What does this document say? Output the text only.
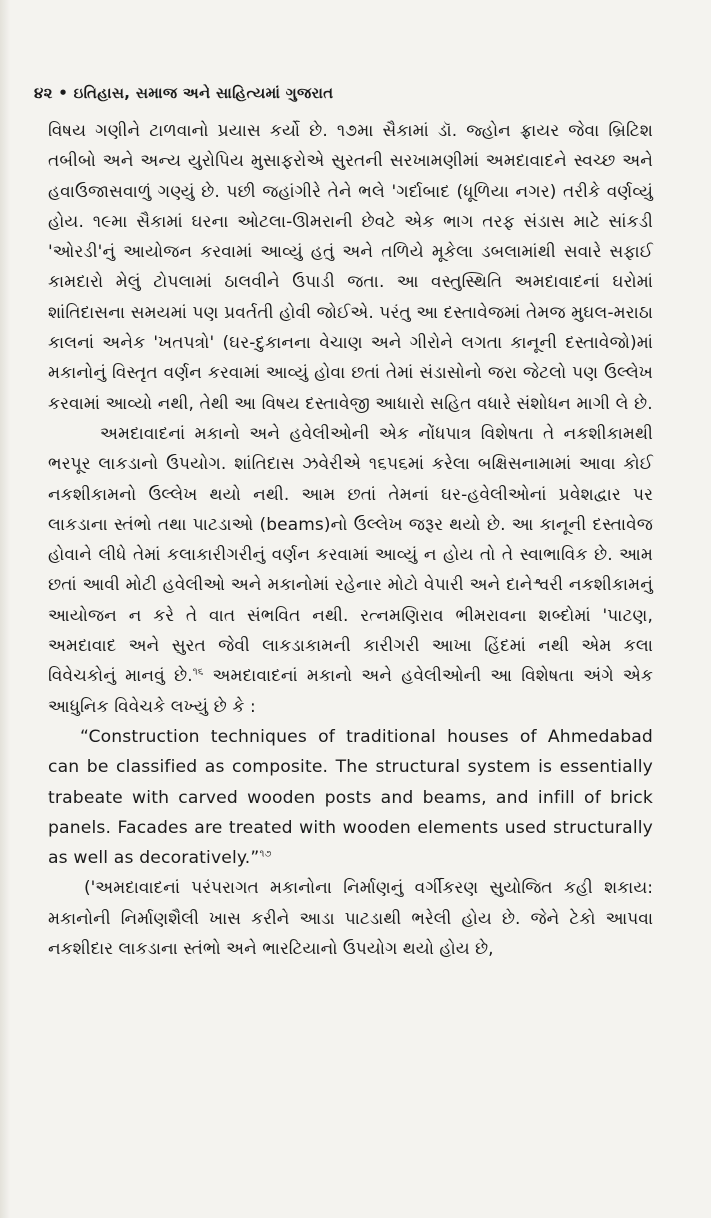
૪૨ • ઇતિહાસ, સમાજ અને સાહિત્યમાં ગુજરાત

વિષય ગણીને ટાળવાનો પ્રયાસ કર્યો છે. ૧૭મા સૈકામાં ડૉ. જ્હોન ફ્રાયર જેવા બ્રિટિશ તબીબો અને અન્ય યુરોપિય મુસાફરોએ સુરતની સરખામણીમાં અમદાવાદને સ્વચ્છ અને હવાઉજાસવાળું ગણ્યું છે. પછી જહાંગીરે તેને ભલે 'ગર્દાબાદ (ધૂળિયા નગર) તરીકે વર્ણવ્યું હોય. ૧૯મા સૈકામાં ઘરના ઓટલા-ઊમરાની છેવટે એક ભાગ તરફ સંડાસ માટે સાંકડી 'ઓરડી'નું આયોજન કરવામાં આવ્યું હતું અને તળિયે મૂકેલા ડબલામાંથી સવારે સફાઈ કામદારો મેલું ટોપલામાં ઠાલવીને ઉપાડી જતા. આ વસ્તુસ્થિતિ અમદાવાદનાં ઘરોમાં શાંતિદાસના સમયમાં પણ પ્રવર્તતી હોવી જોઈએ. પરંતુ આ દસ્તાવેજમાં તેમજ મુઘલ-મરાઠા કાલનાં અનેક 'ખતપત્રો' (ઘર-દુકાનના વેચાણ અને ગીરોને લગતા કાનૂની દસ્તાવેજો)માં મકાનોનું વિસ્તૃત વર્ણન કરવામાં આવ્યું હોવા છતાં તેમાં સંડાસોનો જરા જેટલો પણ ઉલ્લેખ કરવામાં આવ્યો નથી, તેથી આ વિષય દસ્તાવેજી આધારો સહિત વધારે સંશોધન માગી લે છે.

અમદાવાદનાં મકાનો અને હવેલીઓની એક નોંધપાત્ર વિશેષતા તે નકશીકામથી ભરપૂર લાકડાનો ઉપયોગ. શાંતિદાસ ઝવેરીએ ૧૬૫૬માં કરેલા બક્ષિસનામામાં આવા કોઈ નકશીકામનો ઉલ્લેખ થયો નથી. આમ છતાં તેમનાં ઘર-હવેલીઓનાં પ્રવેશદ્વાર પર લાકડાના સ્તંભો તથા પાટડાઓ (beams)નો ઉલ્લેખ જરૂર થયો છે. આ કાનૂની દસ્તાવેજ હોવાને લીધે તેમાં કલાકારીગરીનું વર્ણન કરવામાં આવ્યું ન હોય તો તે સ્વાભાવિક છે. આમ છતાં આવી મોટી હવેલીઓ અને મકાનોમાં રહેનાર મોટો વેપારી અને દાનેશ્વરી નકશીકામનું આયોજન ન કરે તે વાત સંભવિત નથી. રત્નમણિરાવ ભીમરાવના શબ્દોમાં 'પાટણ, અમદાવાદ અને સુરત જેવી લાકડાકામની કારીગરી આખા હિંદમાં નથી એમ કલા વિવેચકોનું માનવું છે.$^{૧૬}$ અમદાવાદનાં મકાનો અને હવેલીઓની આ વિશેષતા અંગે એક આધુનિક વિવેચકે લખ્યું છે કે :

“Construction techniques of traditional houses of Ahmedabad can be classified as composite. The structural system is essentially trabeate with carved wooden posts and beams, and infill of brick panels. Facades are treated with wooden elements used structurally as well as decoratively.”$^{૧૭}$

('અમદાવાદનાં પરંપરાગત મકાનોના નિર્માણનું વર્ગીકરણ સુયોજિત કહી શકાય: મકાનોની નિર્માણશૈલી ખાસ કરીને આડા પાટડાથી ભરેલી હોય છે. જેને ટેકો આપવા નકશીદાર લાકડાના સ્તંભો અને ભારટિયાનો ઉપયોગ થયો હોય છે,
